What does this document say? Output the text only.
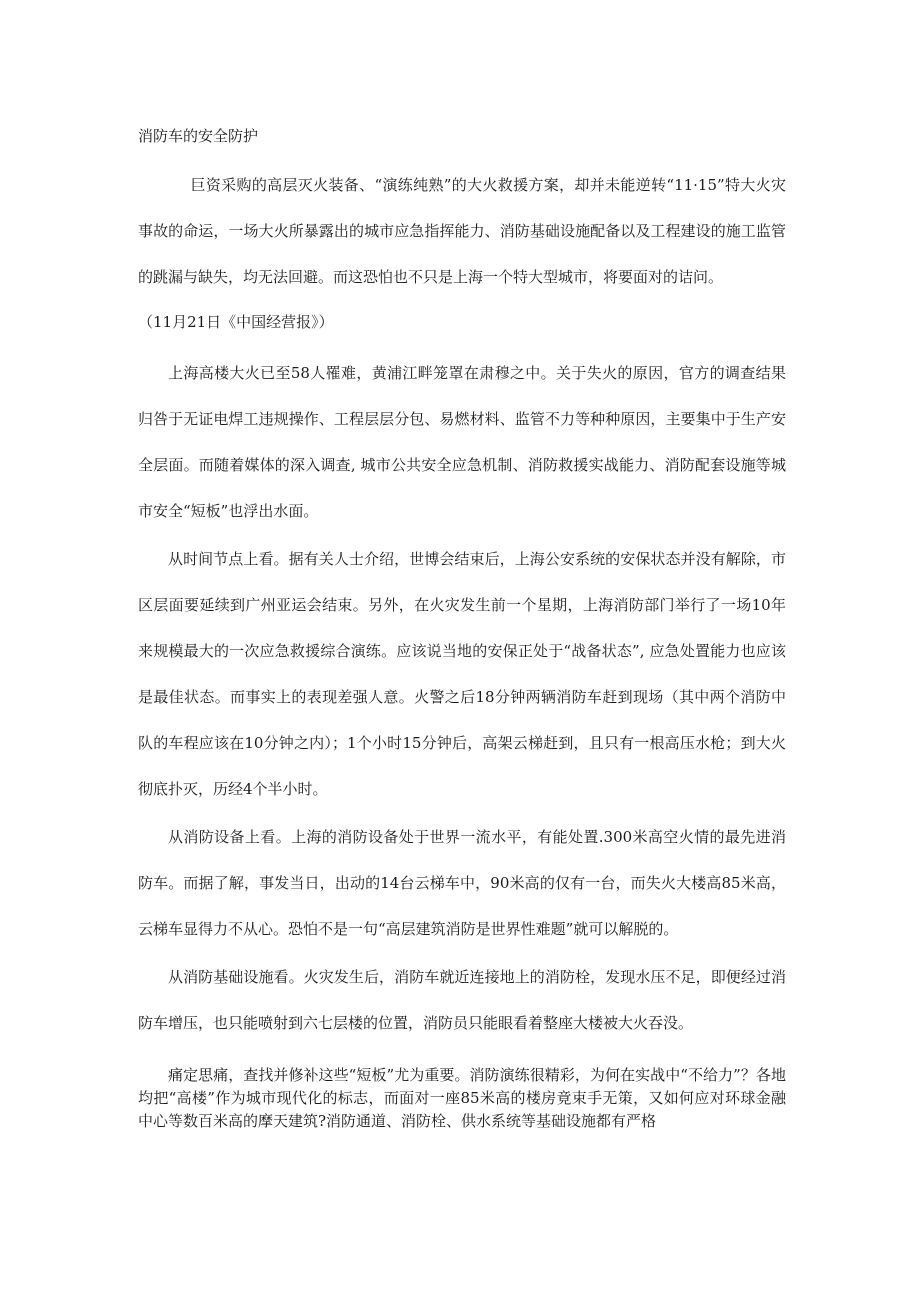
消防车的安全防护

巨资采购的高层灭火装备、“演练纯熟”的大火救援方案，却并未能逆转“11·15”特大火灾事故的命运，一场大火所暴露出的城市应急指挥能力、消防基础设施配备以及工程建设的施工监管的跳漏与缺失，均无法回避。而这恐怕也不只是上海一个特大型城市，将要面对的诘问。

（11月21日《中国经营报》）

上海高楼大火已至58人罹难，黄浦江畔笼罩在肃穆之中。关于失火的原因，官方的调查结果归咎于无证电焊工违规操作、工程层层分包、易燃材料、监管不力等种种原因，主要集中于生产安全层面。而随着媒体的深入调查, 城市公共安全应急机制、消防救援实战能力、消防配套设施等城市安全“短板”也浮出水面。

从时间节点上看。据有关人士介绍，世博会结束后，上海公安系统的安保状态并没有解除，市区层面要延续到广州亚运会结束。另外，在火灾发生前一个星期，上海消防部门举行了一场10年来规模最大的一次应急救援综合演练。应该说当地的安保正处于“战备状态”, 应急处置能力也应该是最佳状态。而事实上的表现差强人意。火警之后18分钟两辆消防车赶到现场（其中两个消防中队的车程应该在10分钟之内）；1个小时15分钟后，高架云梯赶到，且只有一根高压水枪；到大火彻底扑灭，历经4个半小时。

从消防设备上看。上海的消防设备处于世界一流水平，有能处置.300米高空火情的最先进消防车。而据了解，事发当日，出动的14台云梯车中，90米高的仅有一台，而失火大楼高85米高，云梯车显得力不从心。恐怕不是一句“高层建筑消防是世界性难题”就可以解脱的。

从消防基础设施看。火灾发生后，消防车就近连接地上的消防栓，发现水压不足，即便经过消防车增压，也只能喷射到六七层楼的位置，消防员只能眼看着整座大楼被大火吞没。

痛定思痛，查找并修补这些“短板”尤为重要。消防演练很精彩，为何在实战中“不给力”？各地均把“高楼”作为城市现代化的标志，而面对一座85米高的楼房竟束手无策，又如何应对环球金融中心等数百米高的摩天建筑?消防通道、消防栓、供水系统等基础设施都有严格
